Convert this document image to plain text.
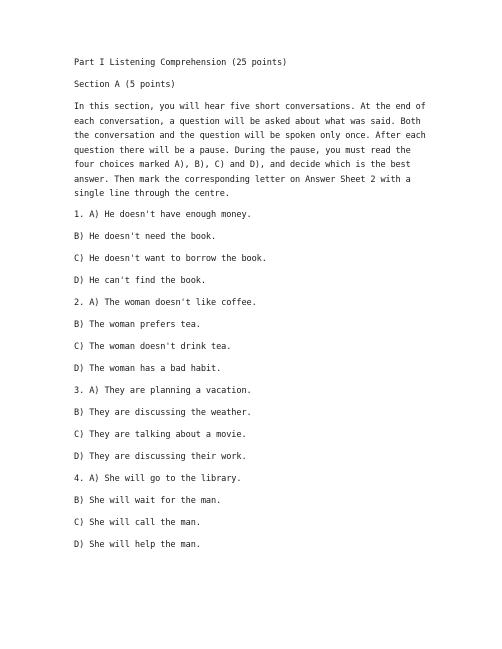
Part I Listening Comprehension (25 points)
Section A (5 points)
In this section, you will hear five short conversations. At the end of each conversation, a question will be asked about what was said. Both the conversation and the question will be spoken only once. After each question there will be a pause. During the pause, you must read the four choices marked A), B), C) and D), and decide which is the best answer. Then mark the corresponding letter on Answer Sheet 2 with a single line through the centre.
1. A) He doesn't have enough money.
B) He doesn't need the book.
C) He doesn't want to borrow the book.
D) He can't find the book.
2. A) The woman doesn't like coffee.
B) The woman prefers tea.
C) The woman doesn't drink tea.
D) The woman has a bad habit.
3. A) They are planning a vacation.
B) They are discussing the weather.
C) They are talking about a movie.
D) They are discussing their work.
4. A) She will go to the library.
B) She will wait for the man.
C) She will call the man.
D) She will help the man.
